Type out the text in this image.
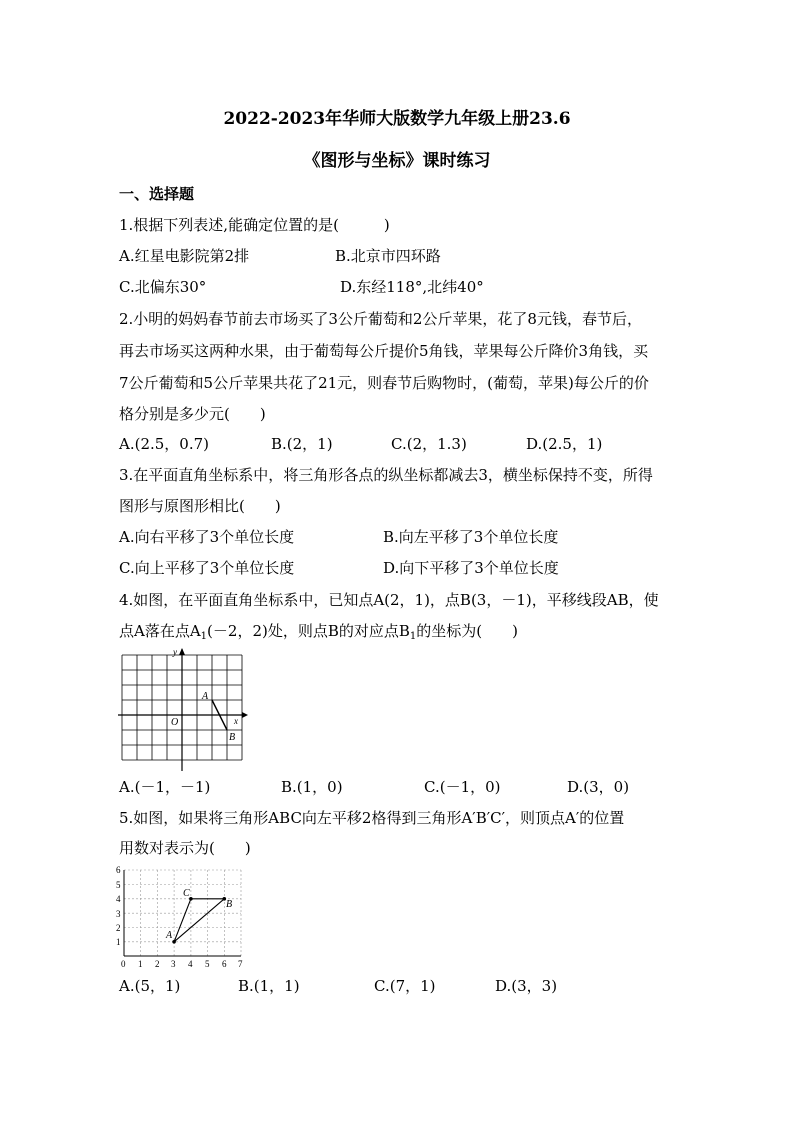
2022-2023年华师大版数学九年级上册23.6
《图形与坐标》课时练习
一、选择题
1.根据下列表述,能确定位置的是(　　　)
A.红星电影院第2排	B.北京市四环路
C.北偏东30°	D.东经118°,北纬40°
2.小明的妈妈春节前去市场买了3公斤葡萄和2公斤苹果，花了8元钱，春节后，
再去市场买这两种水果，由于葡萄每公斤提价5角钱，苹果每公斤降价3角钱，买
7公斤葡萄和5公斤苹果共花了21元，则春节后购物时，(葡萄，苹果)每公斤的价
格分别是多少元(　　)
A.(2.5，0.7)	B.(2，1)	C.(2，1.3)	D.(2.5，1)
3.在平面直角坐标系中，将三角形各点的纵坐标都减去3，横坐标保持不变，所得
图形与原图形相比(　　)
A.向右平移了3个单位长度	B.向左平移了3个单位长度
C.向上平移了3个单位长度	D.向下平移了3个单位长度
4.如图，在平面直角坐标系中，已知点A(2，1)，点B(3，－1)，平移线段AB，使
点A落在点$A_1(-2$，2)处，则点B的对应点$B_1$的坐标为(　　)
y
x
O
A
B
A.(－1，－1)	B.(1，0)	C.(－1，0)	D.(3，0)
5.如图，如果将三角形ABC向左平移2格得到三角形A′B′C′，则顶点A′的位置
用数对表示为(　　)
0 1 2 3 4 5 6 7
1
2
3
4
5
6
A
B
C
A.(5，1)	B.(1，1)	C.(7，1)	D.(3，3)
